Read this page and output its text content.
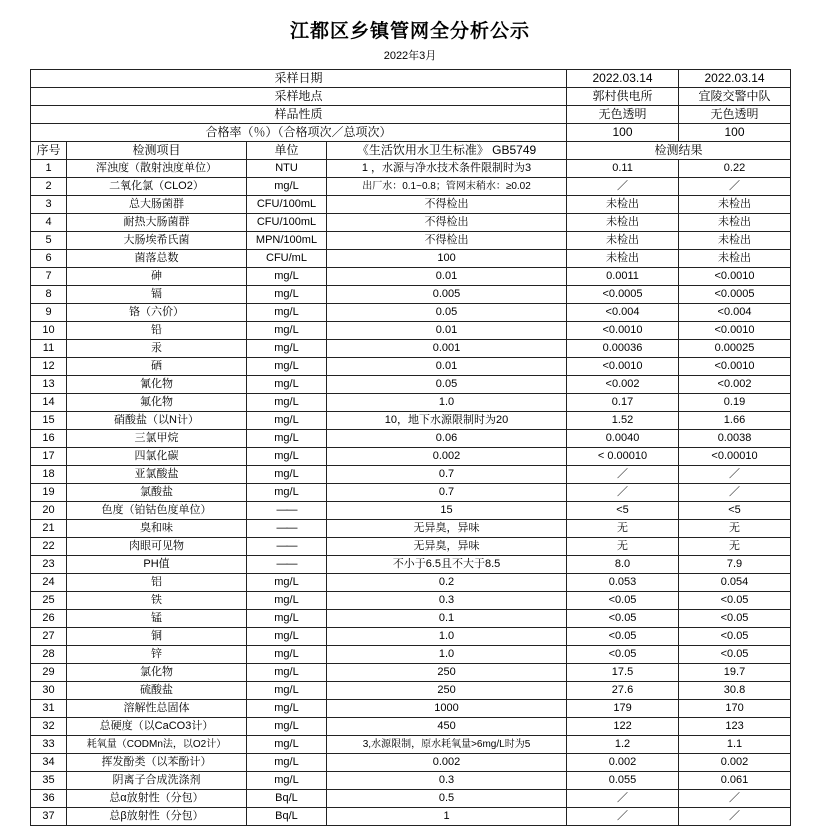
江都区乡镇管网全分析公示
2022年3月
采样日期				2022.03.14	2022.03.14
采样地点				郭村供电所	宜陵交警中队
样品性质				无色透明	无色透明
合格率（％）（合格项次／总项次）				100	100
序号	检测项目	单位	《生活饮用水卫生标准》 GB5749	检测结果	
1	浑浊度（散射浊度单位）	NTU	1 ，水源与净水技术条件限制时为3	0.11	0.22
2	二氧化氯（CLO2）	mg/L	出厂水：0.1~0.8；管网末稍水：≥0.02	／	／
3	总大肠菌群	CFU/100mL	不得检出	未检出	未检出
4	耐热大肠菌群	CFU/100mL	不得检出	未检出	未检出
5	大肠埃希氏菌	MPN/100mL	不得检出	未检出	未检出
6	菌落总数	CFU/mL	100	未检出	未检出
7	砷	mg/L	0.01	0.0011	<0.0010
8	镉	mg/L	0.005	<0.0005	<0.0005
9	铬（六价）	mg/L	0.05	<0.004	<0.004
10	铅	mg/L	0.01	<0.0010	<0.0010
11	汞	mg/L	0.001	0.00036	0.00025
12	硒	mg/L	0.01	<0.0010	<0.0010
13	氰化物	mg/L	0.05	<0.002	<0.002
14	氟化物	mg/L	1.0	0.17	0.19
15	硝酸盐（以N计）	mg/L	10，地下水源限制时为20	1.52	1.66
16	三氯甲烷	mg/L	0.06	0.0040	0.0038
17	四氯化碳	mg/L	0.002	< 0.00010	<0.00010
18	亚氯酸盐	mg/L	0.7	／	／
19	氯酸盐	mg/L	0.7	／	／
20	色度（铂钴色度单位）	——	15	<5	<5
21	臭和味	——	无异臭，异味	无	无
22	肉眼可见物	——	无异臭，异味	无	无
23	PH值	——	不小于6.5且不大于8.5	8.0	7.9
24	铝	mg/L	0.2	0.053	0.054
25	铁	mg/L	0.3	<0.05	<0.05
26	锰	mg/L	0.1	<0.05	<0.05
27	铜	mg/L	1.0	<0.05	<0.05
28	锌	mg/L	1.0	<0.05	<0.05
29	氯化物	mg/L	250	17.5	19.7
30	硫酸盐	mg/L	250	27.6	30.8
31	溶解性总固体	mg/L	1000	179	170
32	总硬度（以CaCO3计）	mg/L	450	122	123
33	耗氧量（CODMn法，以O2计）	mg/L	3,水源限制，原水耗氧量>6mg/L时为5	1.2	1.1
34	挥发酚类（以苯酚计）	mg/L	0.002	0.002	0.002
35	阴离子合成洗涤剂	mg/L	0.3	0.055	0.061
36	总α放射性（分包）	Bq/L	0.5	／	／
37	总β放射性（分包）	Bq/L	1	／	／
